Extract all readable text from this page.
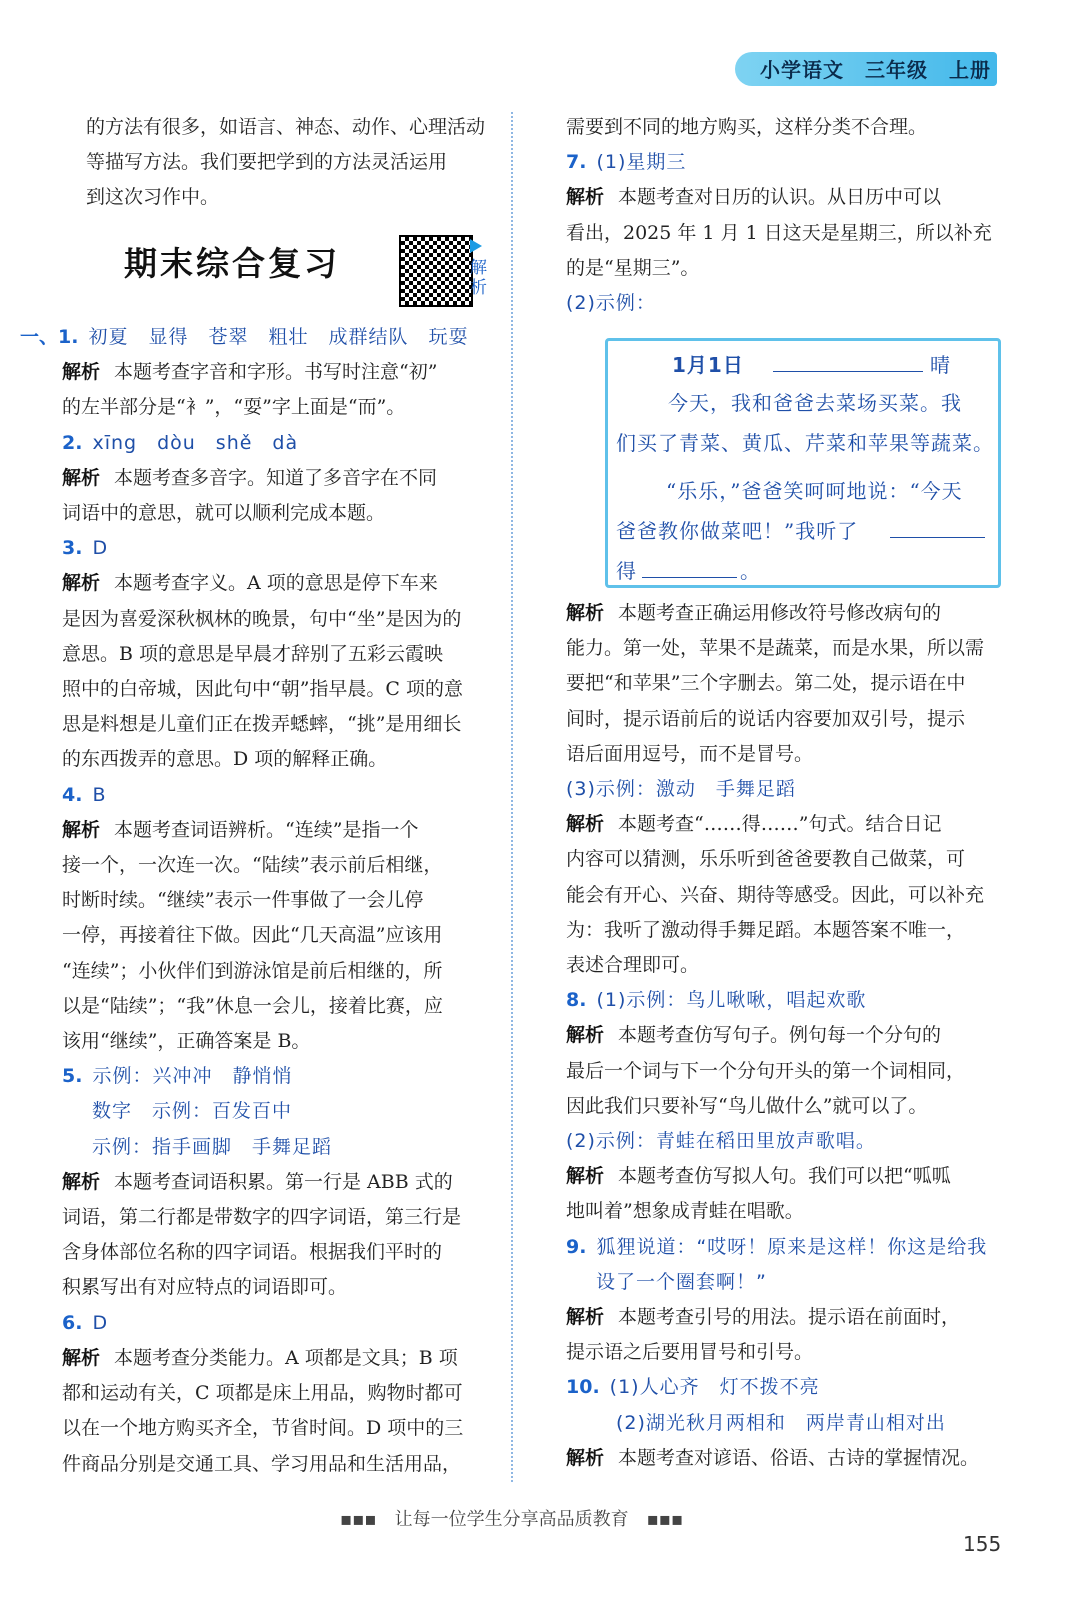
小学语文　三年级　上册
的方法有很多，如语言、神态、动作、心理活动
等描写方法。我们要把学到的方法灵活运用
到这次习作中。
期末综合复习	解析
一、1. 初夏　显得　苍翠　粗壮　成群结队　玩耍
解析 本题考查字音和字形。书写时注意“初”
的左半部分是“衤”，“耍”字上面是“而”。
2. xīng　dòu　shě　dà
解析 本题考查多音字。知道了多音字在不同
词语中的意思，就可以顺利完成本题。
3. D
解析 本题考查字义。A 项的意思是停下车来
是因为喜爱深秋枫林的晚景，句中“坐”是因为的
意思。B 项的意思是早晨才辞别了五彩云霞映
照中的白帝城，因此句中“朝”指早晨。C 项的意
思是料想是儿童们正在拨弄蟋蟀，“挑”是用细长
的东西拨弄的意思。D 项的解释正确。
4. B
解析 本题考查词语辨析。“连续”是指一个
接一个，一次连一次。“陆续”表示前后相继，
时断时续。“继续”表示一件事做了一会儿停
一停，再接着往下做。因此“几天高温”应该用
“连续”；小伙伴们到游泳馆是前后相继的，所
以是“陆续”；“我”休息一会儿，接着比赛，应
该用“继续”，正确答案是 B。
5. 示例：兴冲冲　静悄悄
数字　示例：百发百中
示例：指手画脚　手舞足蹈
解析 本题考查词语积累。第一行是 ABB 式的
词语，第二行都是带数字的四字词语，第三行是
含身体部位名称的四字词语。根据我们平时的
积累写出有对应特点的词语即可。
6. D
解析 本题考查分类能力。A 项都是文具；B 项
都和运动有关，C 项都是床上用品，购物时都可
以在一个地方购买齐全，节省时间。D 项中的三
件商品分别是交通工具、学习用品和生活用品，
需要到不同的地方购买，这样分类不合理。
7. (1)星期三
解析 本题考查对日历的认识。从日历中可以
看出，2025 年 1 月 1 日这天是星期三，所以补充
的是“星期三”。
(2)示例：
1月1日	晴
今天，我和爸爸去菜场买菜。我
们买了青菜、黄瓜、芹菜和苹果等蔬菜。
“乐乐，”爸爸笑呵呵地说：“今天
爸爸教你做菜吧！”我听了
得	。
解析 本题考查正确运用修改符号修改病句的
能力。第一处，苹果不是蔬菜，而是水果，所以需
要把“和苹果”三个字删去。第二处，提示语在中
间时，提示语前后的说话内容要加双引号，提示
语后面用逗号，而不是冒号。
(3)示例：激动　手舞足蹈
解析 本题考查“……得……”句式。结合日记
内容可以猜测，乐乐听到爸爸要教自己做菜，可
能会有开心、兴奋、期待等感受。因此，可以补充
为：我听了激动得手舞足蹈。本题答案不唯一，
表述合理即可。
8. (1)示例：鸟儿啾啾，唱起欢歌
解析 本题考查仿写句子。例句每一个分句的
最后一个词与下一个分句开头的第一个词相同，
因此我们只要补写“鸟儿做什么”就可以了。
(2)示例：青蛙在稻田里放声歌唱。
解析 本题考查仿写拟人句。我们可以把“呱呱
地叫着”想象成青蛙在唱歌。
9. 狐狸说道：“哎呀！原来是这样！你这是给我
设了一个圈套啊！”
解析 本题考查引号的用法。提示语在前面时，
提示语之后要用冒号和引号。
10. (1)人心齐　灯不拨不亮
(2)湖光秋月两相和　两岸青山相对出
解析 本题考查对谚语、俗语、古诗的掌握情况。
▪▪▪　让每一位学生分享高品质教育　▪▪▪
155
